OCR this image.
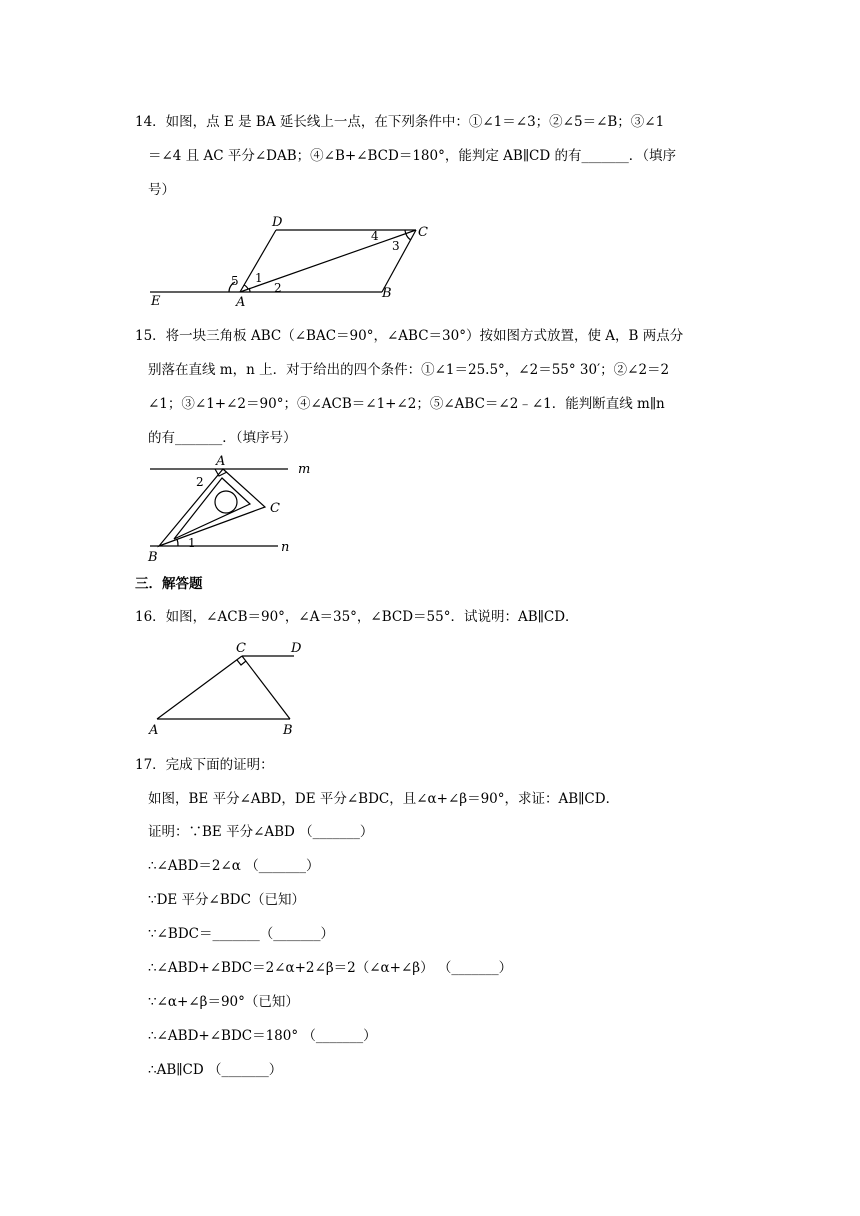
14．如图，点 E 是 BA 延长线上一点，在下列条件中：①∠1＝∠3；②∠5＝∠B；③∠1
＝∠4 且 AC 平分∠DAB；④∠B+∠BCD＝180°，能判定 AB∥CD 的有_______．（填序
号）
D
C
E	A
B
1
2
3
4
5
15．将一块三角板 ABC（∠BAC＝90°，∠ABC＝30°）按如图方式放置，使 A，B 两点分
别落在直线 m，n 上．对于给出的四个条件：①∠1＝25.5°，∠2＝55° 30′；②∠2＝2
∠1；③∠1+∠2＝90°；④∠ACB＝∠1+∠2；⑤∠ABC＝∠2﹣∠1．能判断直线 m∥n
的有_______．（填序号）
A
B
C
m
n
1
2
三．解答题
16．如图，∠ACB＝90°，∠A＝35°，∠BCD＝55°．试说明：AB∥CD．
C	D
A	B
17．完成下面的证明：
如图，BE 平分∠ABD，DE 平分∠BDC，且∠α+∠β＝90°，求证：AB∥CD．
证明：∵BE 平分∠ABD （_______）
∴∠ABD＝2∠α （_______）
∵DE 平分∠BDC（已知）
∵∠BDC＝_______（_______）
∴∠ABD+∠BDC＝2∠α+2∠β＝2（∠α+∠β） （_______）
∵∠α+∠β＝90°（已知）
∴∠ABD+∠BDC＝180° （_______）
∴AB∥CD （_______）
